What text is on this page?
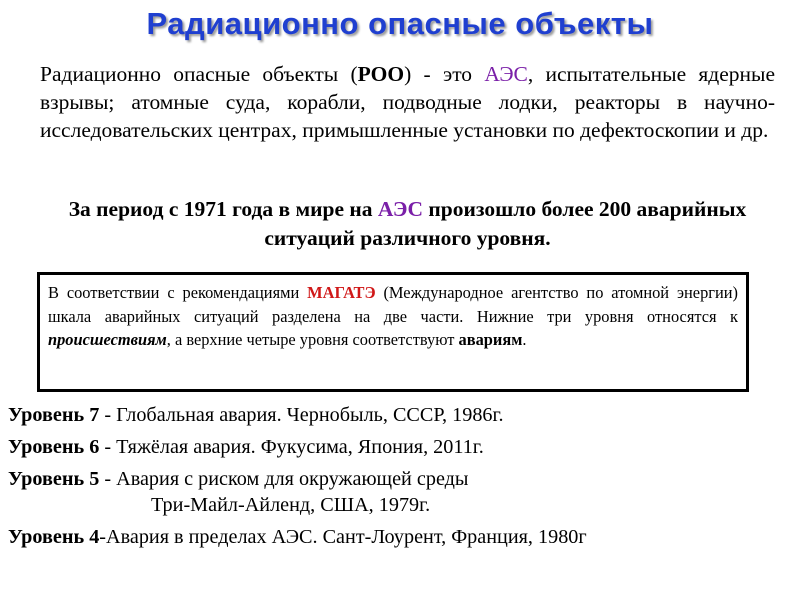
Радиационно опасные объекты
Радиационно опасные объекты (РОО) - это АЭС, испытательные ядерные взрывы; атомные суда, корабли, подводные лодки, реакторы в научно-исследовательских центрах, примышленные установки по дефектоскопии и др.
За период с 1971 года в мире на АЭС произошло более 200 аварийных ситуаций различного уровня.
В соответствии с рекомендациями МАГАТЭ (Международное агентство по атомной энергии) шкала аварийных ситуаций разделена на две части. Нижние три уровня относятся к происшествиям, а верхние четыре уровня соответствуют авариям.
Уровень 7 - Глобальная авария. Чернобыль, СССР, 1986г.
Уровень 6 - Тяжёлая авария. Фукусима, Япония, 2011г.
Уровень 5 - Авария с риском для окружающей среды
Три-Майл-Айленд, США, 1979г.
Уровень 4-Авария в пределах АЭС. Сант-Лоурент, Франция, 1980г
